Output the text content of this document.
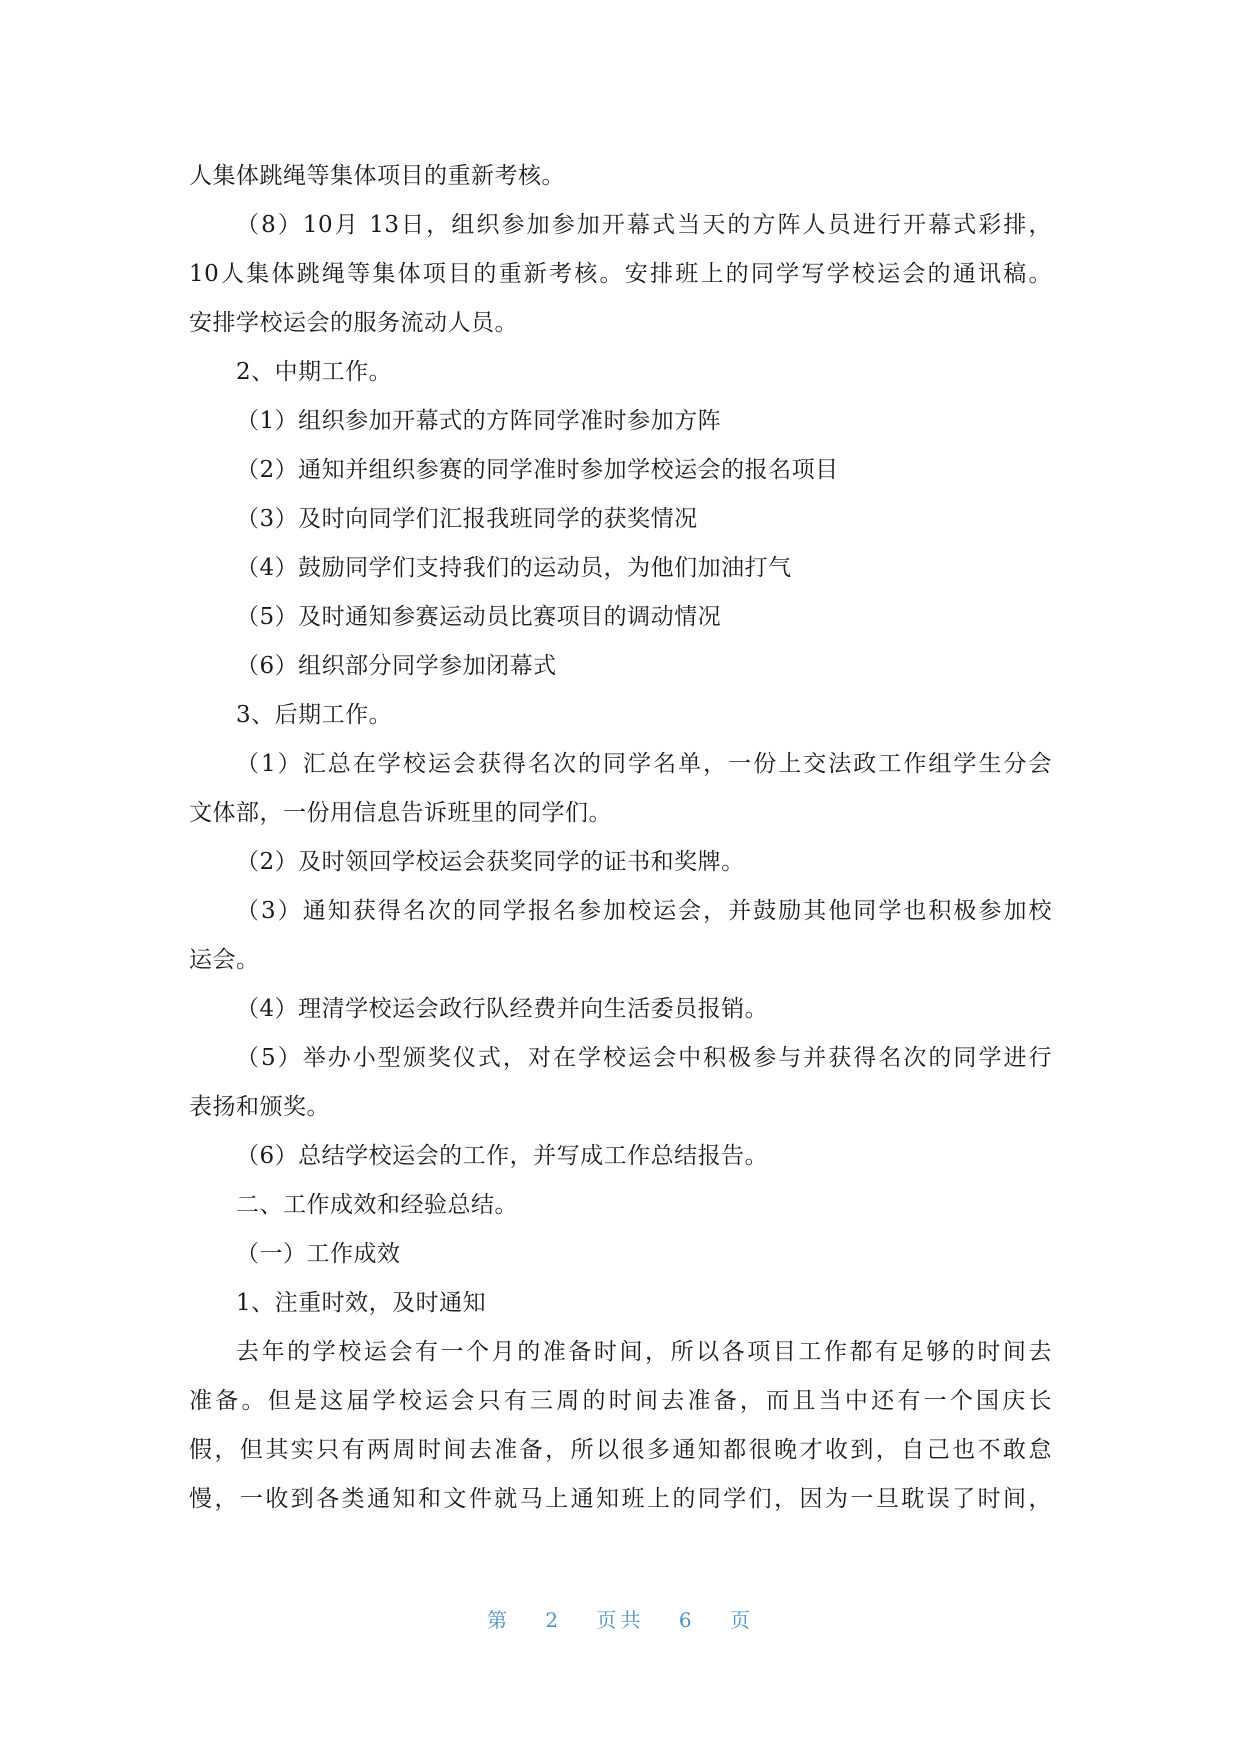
人集体跳绳等集体项目的重新考核。
（8）10月 13日，组织参加参加开幕式当天的方阵人员进行开幕式彩排，
10人集体跳绳等集体项目的重新考核。安排班上的同学写学校运会的通讯稿。
安排学校运会的服务流动人员。
2、中期工作。
（1）组织参加开幕式的方阵同学准时参加方阵
（2）通知并组织参赛的同学准时参加学校运会的报名项目
（3）及时向同学们汇报我班同学的获奖情况
（4）鼓励同学们支持我们的运动员，为他们加油打气
（5）及时通知参赛运动员比赛项目的调动情况
（6）组织部分同学参加闭幕式
3、后期工作。
（1）汇总在学校运会获得名次的同学名单，一份上交法政工作组学生分会
文体部，一份用信息告诉班里的同学们。
（2）及时领回学校运会获奖同学的证书和奖牌。
（3）通知获得名次的同学报名参加校运会，并鼓励其他同学也积极参加校
运会。
（4）理清学校运会政行队经费并向生活委员报销。
（5）举办小型颁奖仪式，对在学校运会中积极参与并获得名次的同学进行
表扬和颁奖。
（6）总结学校运会的工作，并写成工作总结报告。
二、工作成效和经验总结。
（一）工作成效
1、注重时效，及时通知
去年的学校运会有一个月的准备时间，所以各项目工作都有足够的时间去
准备。但是这届学校运会只有三周的时间去准备，而且当中还有一个国庆长
假，但其实只有两周时间去准备，所以很多通知都很晚才收到，自己也不敢怠
慢，一收到各类通知和文件就马上通知班上的同学们，因为一旦耽误了时间，
第 2 页共 6 页
